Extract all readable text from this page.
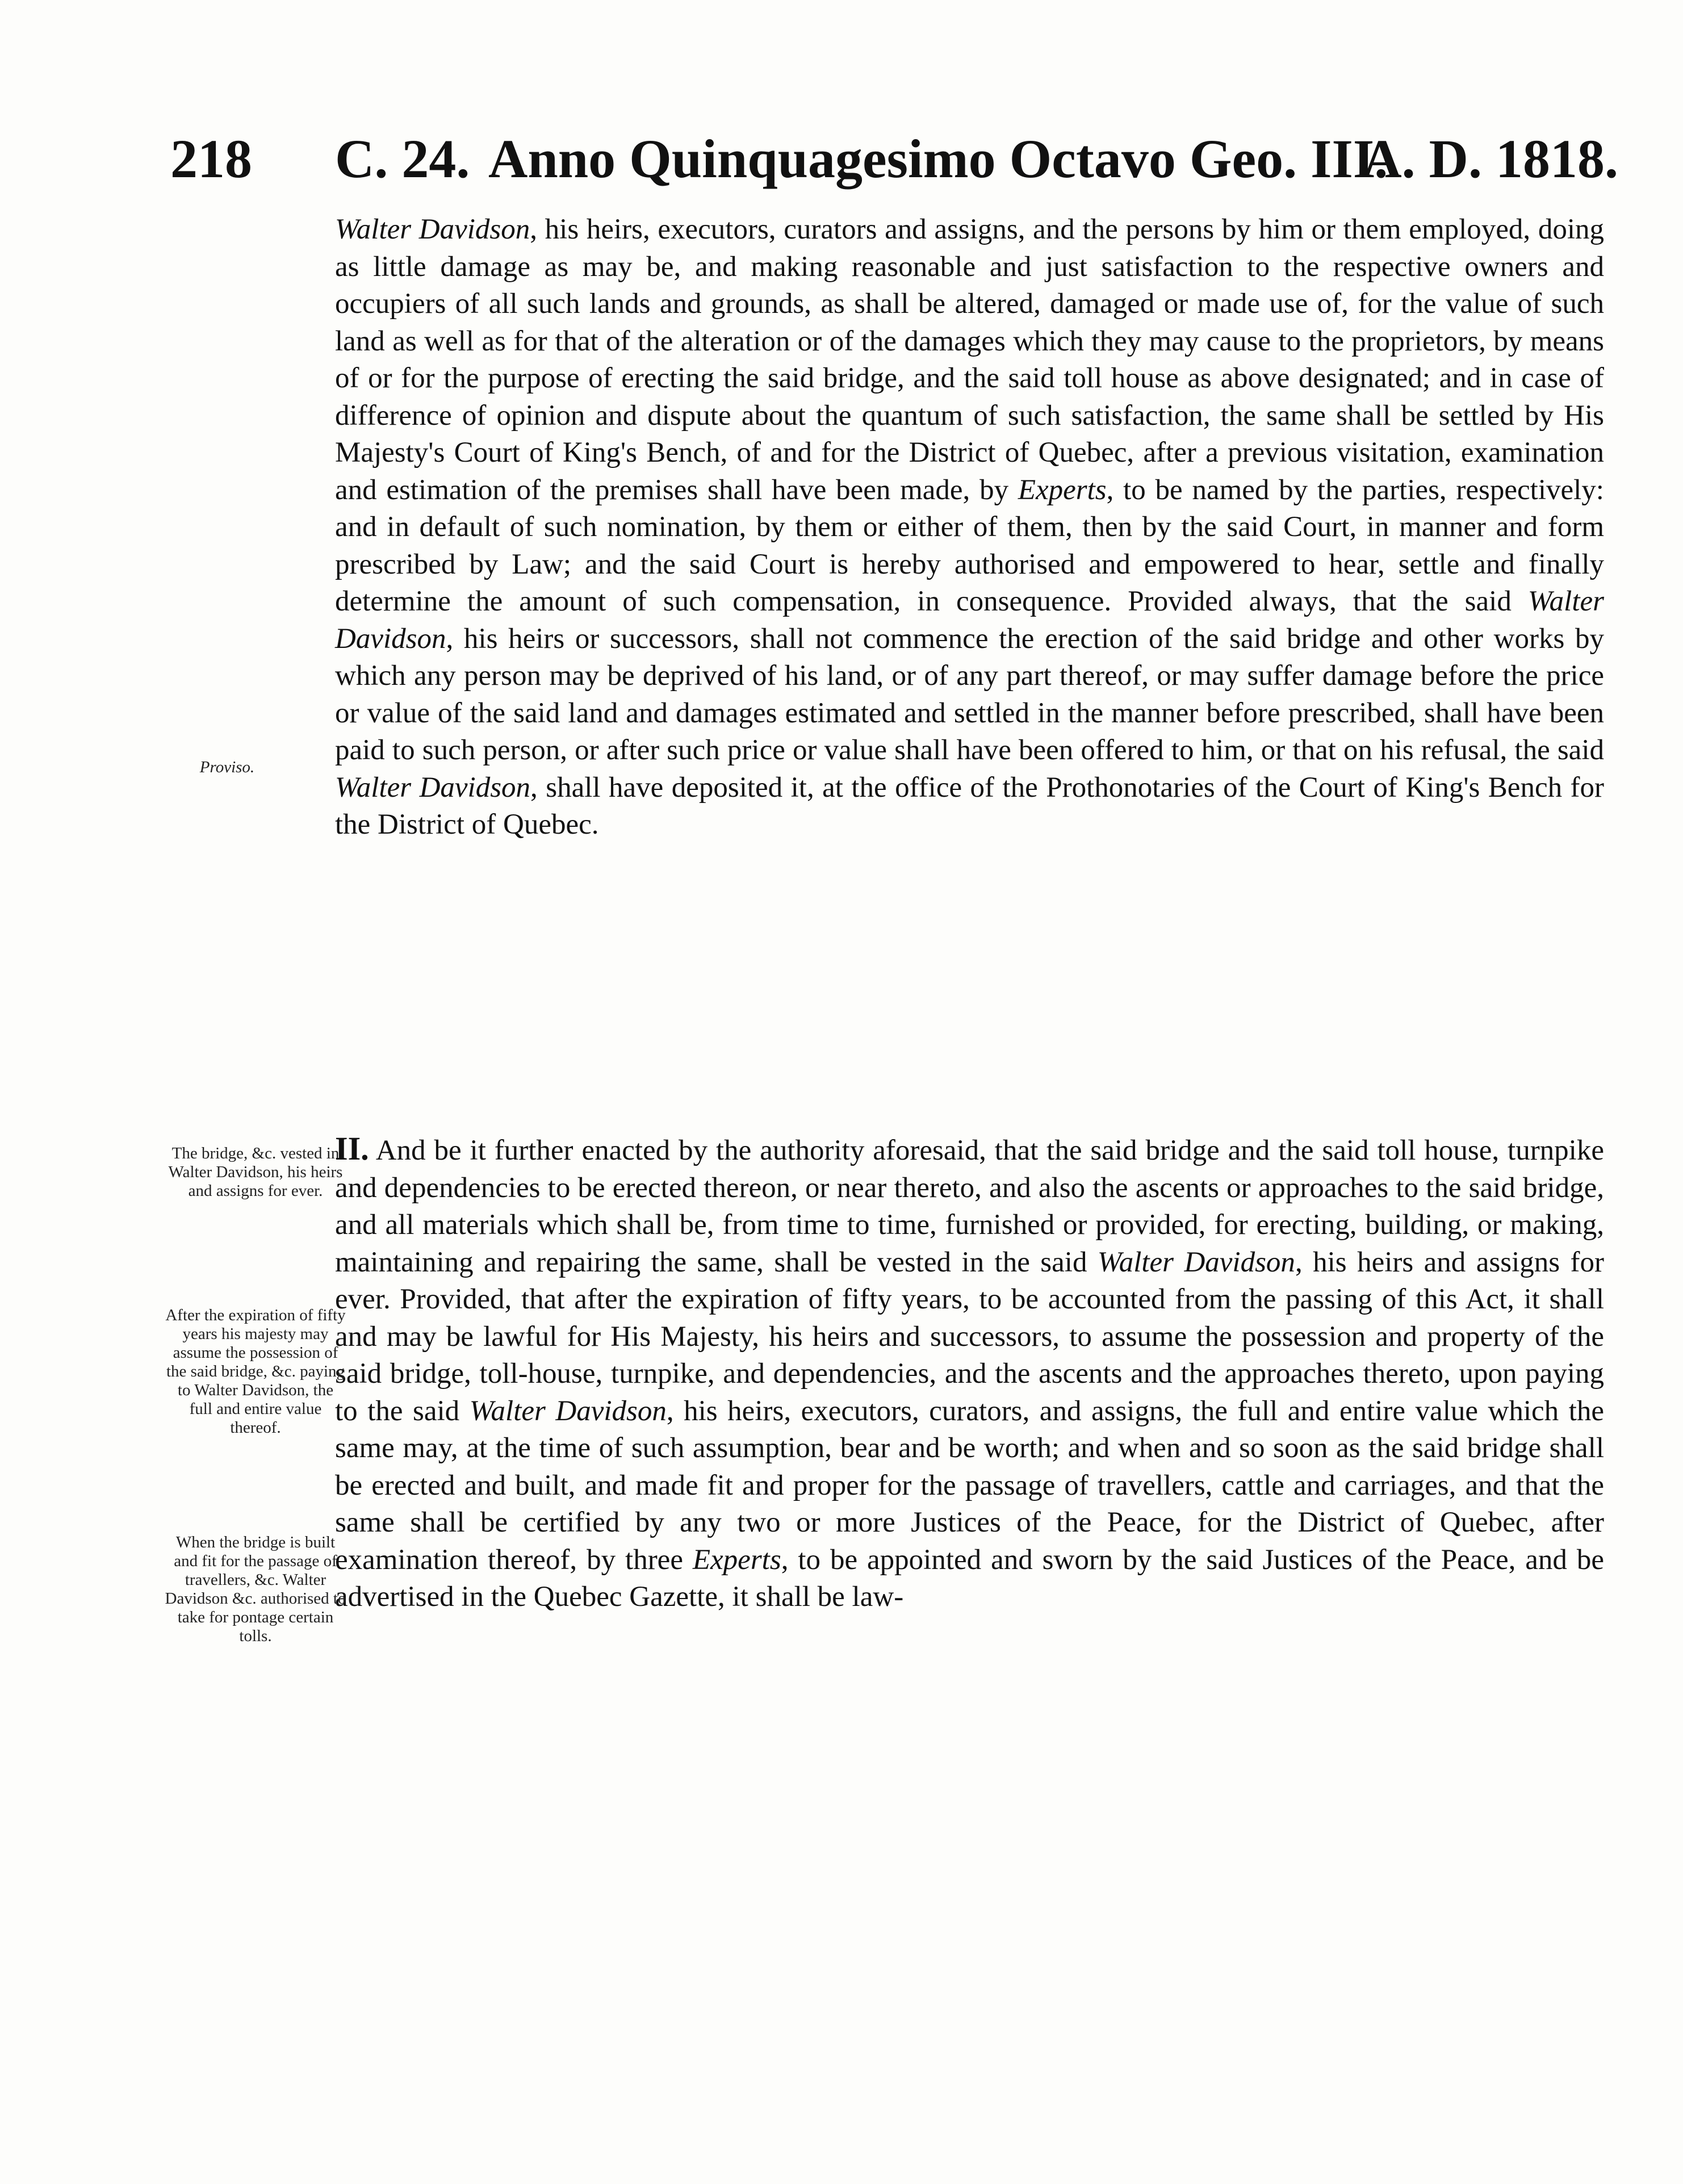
218 C. 24. Anno Quinquagesimo Octavo Geo. III.
A. D. 1818.

Walter Davidson, his heirs, executors, curators and assigns, and the persons by him or them employed, doing as little damage as may be, and making reasonable and just satisfaction to the respective owners and occupiers of all such lands and grounds, as shall be altered, damaged or made use of, for the value of such land as well as for that of the alteration or of the damages which they may cause to the proprietors, by means of or for the purpose of erecting the said bridge, and the said toll house as above designated; and in case of difference of opinion and dispute about the quantum of such satisfaction, the same shall be settled by His Majesty's Court of King's Bench, of and for the District of Quebec, after a previous visitation, examination and estimation of the premises shall have been made, by Experts, to be named by the parties, respectively: and in default of such nomination, by them or either of them, then by the said Court, in manner and form prescribed by Law; and the said Court is hereby authorised and empowered to hear, settle and finally determine the amount of such compensation, in consequence. Provided always, that the said Walter Davidson, his heirs or successors, shall not commence the erection of the said bridge and other works by which any person may be deprived of his land, or of any part thereof, or may suffer damage before the price or value of the said land and damages estimated and settled in the manner before prescribed, shall have been paid to such person, or after such price or value shall have been offered to him, or that on his refusal, the said Walter Davidson, shall have deposited it, at the office of the Prothonotaries of the Court of King's Bench for the District of Quebec.

II. And be it further enacted by the authority aforesaid, that the said bridge and the said toll house, turnpike and dependencies to be erected thereon, or near thereto, and also the ascents or approaches to the said bridge, and all materials which shall be, from time to time, furnished or provided, for erecting, building, or making, maintaining and repairing the same, shall be vested in the said Walter Davidson, his heirs and assigns for ever. Provided, that after the expiration of fifty years, to be accounted from the passing of this Act, it shall and may be lawful for His Majesty, his heirs and successors, to assume the possession and property of the said bridge, toll-house, turnpike, and dependencies, and the ascents and the approaches thereto, upon paying to the said Walter Davidson, his heirs, executors, curators, and assigns, the full and entire value which the same may, at the time of such assumption, bear and be worth; and when and so soon as the said bridge shall be erected and built, and made fit and proper for the passage of travellers, cattle and carriages, and that the same shall be certified by any two or more Justices of the Peace, for the District of Quebec, after examination thereof, by three Experts, to be appointed and sworn by the said Justices of the Peace, and be advertised in the Quebec Gazette, it shall be law-

Proviso.
The bridge, &c. vested in Walter Davidson, his heirs and assigns for ever.
After the expiration of fifty years his majesty may assume the possession of the said bridge, &c. paying to Walter Davidson, the full and entire value thereof.
When the bridge is built and fit for the passage of travellers, &c. Walter Davidson &c. authorised to take for pontage certain tolls.
